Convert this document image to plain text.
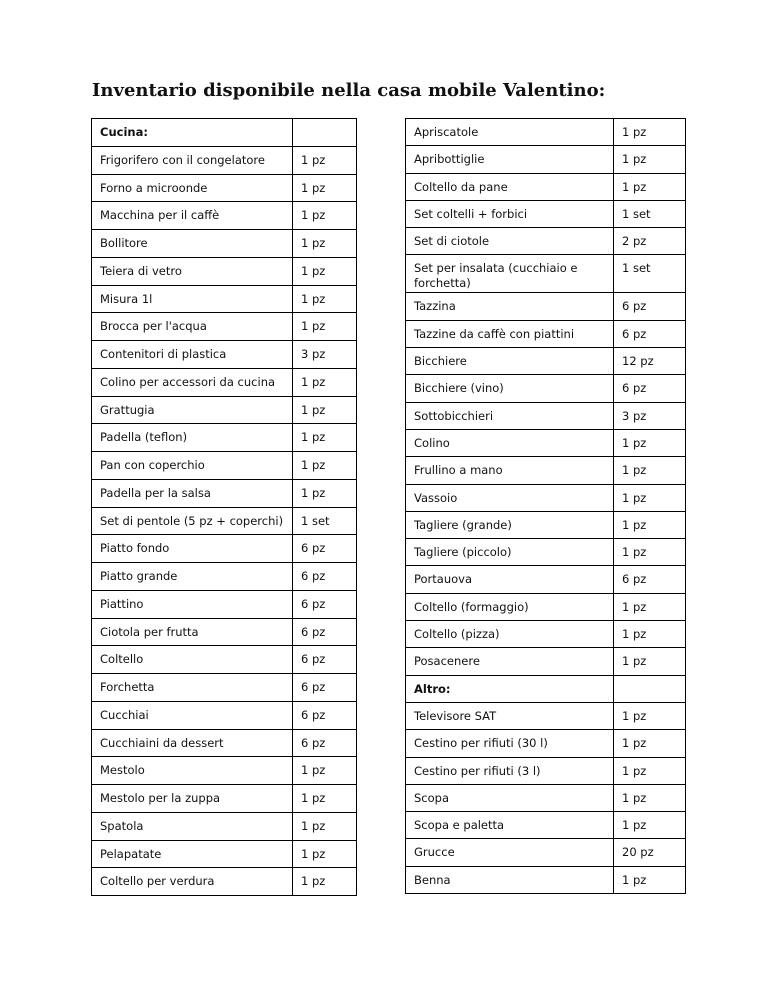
Inventario disponibile nella casa mobile Valentino:
Cucina:	
Frigorifero con il congelatore	1 pz
Forno a microonde	1 pz
Macchina per il caffè	1 pz
Bollitore	1 pz
Teiera di vetro	1 pz
Misura 1l	1 pz
Brocca per l'acqua	1 pz
Contenitori di plastica	3 pz
Colino per accessori da cucina	1 pz
Grattugia	1 pz
Padella (teflon)	1 pz
Pan con coperchio	1 pz
Padella per la salsa	1 pz
Set di pentole (5 pz + coperchi)	1 set
Piatto fondo	6 pz
Piatto grande	6 pz
Piattino	6 pz
Ciotola per frutta	6 pz
Coltello	6 pz
Forchetta	6 pz
Cucchiai	6 pz
Cucchiaini da dessert	6 pz
Mestolo	1 pz
Mestolo per la zuppa	1 pz
Spatola	1 pz
Pelapatate	1 pz
Coltello per verdura	1 pz
Apriscatole	1 pz
Apribottiglie	1 pz
Coltello da pane	1 pz
Set coltelli + forbici	1 set
Set di ciotole	2 pz
Set per insalata (cucchiaio e forchetta)	1 set
Tazzina	6 pz
Tazzine da caffè con piattini	6 pz
Bicchiere	12 pz
Bicchiere (vino)	6 pz
Sottobicchieri	3 pz
Colino	1 pz
Frullino a mano	1 pz
Vassoio	1 pz
Tagliere (grande)	1 pz
Tagliere (piccolo)	1 pz
Portauova	6 pz
Coltello (formaggio)	1 pz
Coltello (pizza)	1 pz
Posacenere	1 pz
Altro:	
Televisore SAT	1 pz
Cestino per rifiuti (30 l)	1 pz
Cestino per rifiuti (3 l)	1 pz
Scopa	1 pz
Scopa e paletta	1 pz
Grucce	20 pz
Benna	1 pz
